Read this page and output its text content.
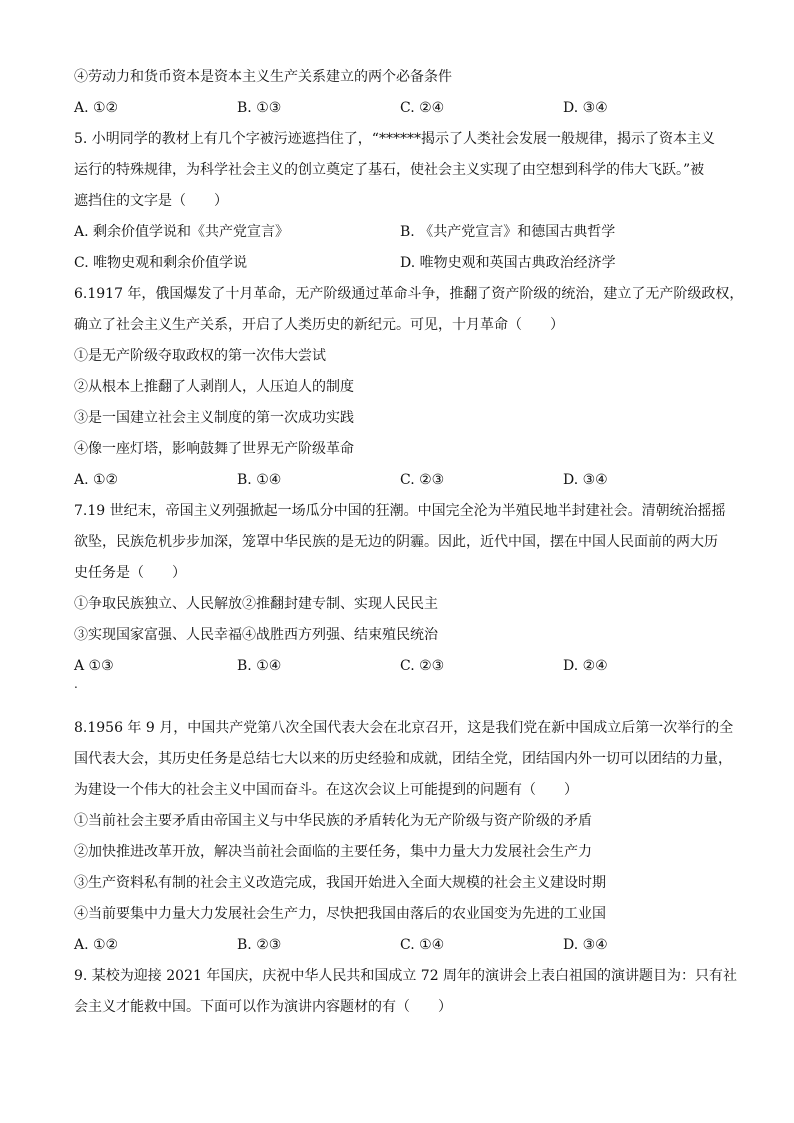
④劳动力和货币资本是资本主义生产关系建立的两个必备条件
A. ①②	B. ①③	C. ②④	D. ③④
5. 小明同学的教材上有几个字被污迹遮挡住了，“******揭示了人类社会发展一般规律，揭示了资本主义
运行的特殊规律，为科学社会主义的创立奠定了基石，使社会主义实现了由空想到科学的伟大飞跃。”被
遮挡住的文字是（　　）
A. 剩余价值学说和《共产党宣言》	B. 《共产党宣言》和德国古典哲学
C. 唯物史观和剩余价值学说	D. 唯物史观和英国古典政治经济学
6.1917 年，俄国爆发了十月革命，无产阶级通过革命斗争，推翻了资产阶级的统治，建立了无产阶级政权，
确立了社会主义生产关系，开启了人类历史的新纪元。可见，十月革命（　　）
①是无产阶级夺取政权的第一次伟大尝试
②从根本上推翻了人剥削人，人压迫人的制度
③是一国建立社会主义制度的第一次成功实践
④像一座灯塔，影响鼓舞了世界无产阶级革命
A. ①②	B. ①④	C. ②③	D. ③④
7.19 世纪末，帝国主义列强掀起一场瓜分中国的狂潮。中国完全沦为半殖民地半封建社会。清朝统治摇摇
欲坠，民族危机步步加深，笼罩中华民族的是无边的阴霾。因此，近代中国，摆在中国人民面前的两大历
史任务是（　　）
①争取民族独立、人民解放②推翻封建专制、实现人民民主
③实现国家富强、人民幸福④战胜西方列强、结束殖民统治
A ①③	B. ①④	C. ②③	D. ②④
.
8.1956 年 9 月，中国共产党第八次全国代表大会在北京召开，这是我们党在新中国成立后第一次举行的全
国代表大会，其历史任务是总结七大以来的历史经验和成就，团结全党，团结国内外一切可以团结的力量，
为建设一个伟大的社会主义中国而奋斗。在这次会议上可能提到的问题有（　　）
①当前社会主要矛盾由帝国主义与中华民族的矛盾转化为无产阶级与资产阶级的矛盾
②加快推进改革开放，解决当前社会面临的主要任务，集中力量大力发展社会生产力
③生产资料私有制的社会主义改造完成，我国开始进入全面大规模的社会主义建设时期
④当前要集中力量大力发展社会生产力，尽快把我国由落后的农业国变为先进的工业国
A. ①②	B. ②③	C. ①④	D. ③④
9. 某校为迎接 2021 年国庆，庆祝中华人民共和国成立 72 周年的演讲会上表白祖国的演讲题目为：只有社
会主义才能救中国。下面可以作为演讲内容题材的有（　　）
